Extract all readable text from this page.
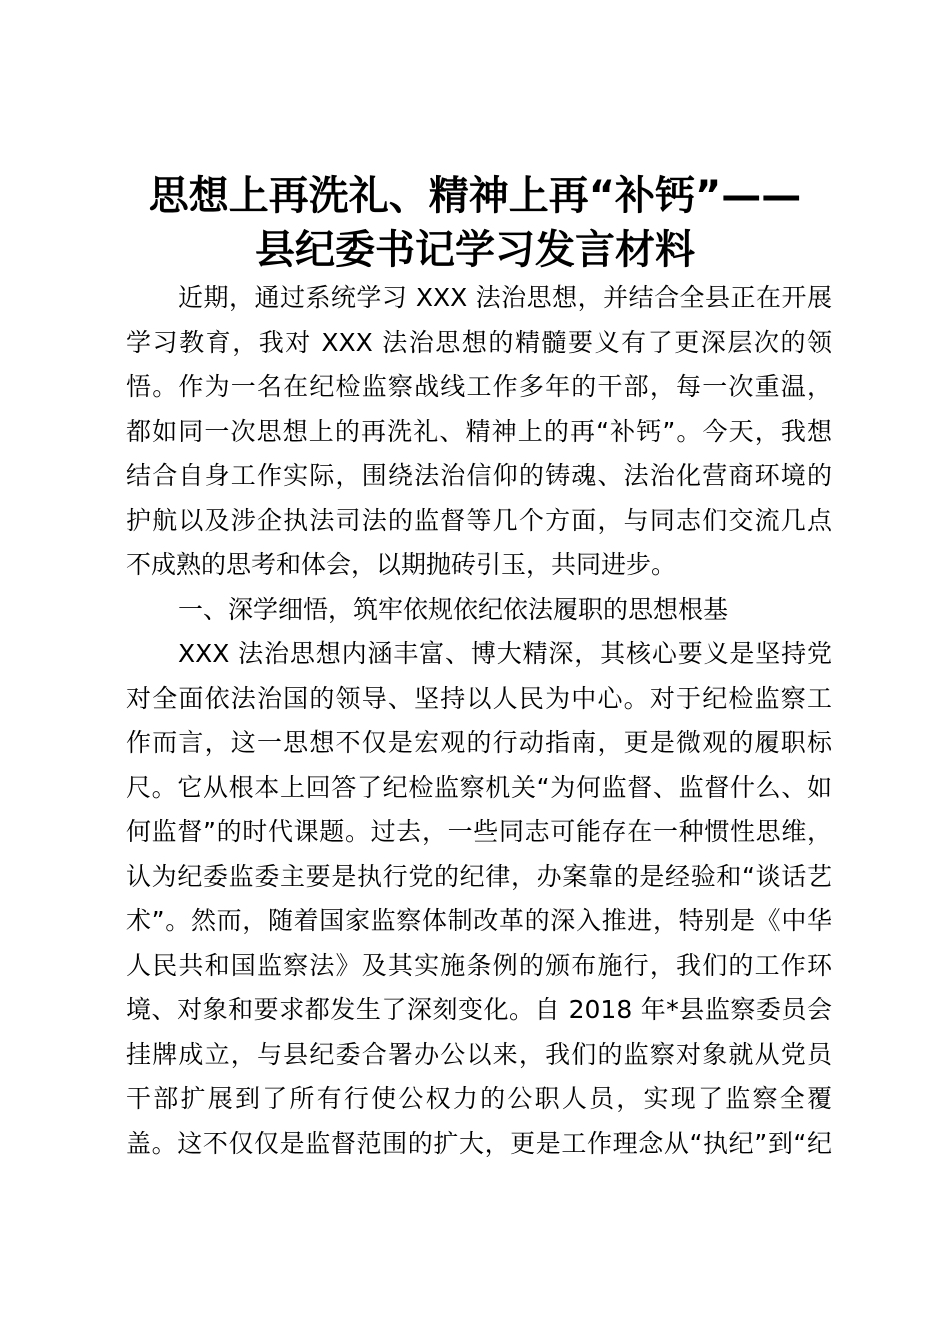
思想上再洗礼、精神上再“补钙”——
县纪委书记学习发言材料

近期，通过系统学习 XXX 法治思想，并结合全县正在开展
学习教育，我对 XXX 法治思想的精髓要义有了更深层次的领
悟。作为一名在纪检监察战线工作多年的干部，每一次重温，
都如同一次思想上的再洗礼、精神上的再“补钙”。今天，我想
结合自身工作实际，围绕法治信仰的铸魂、法治化营商环境的
护航以及涉企执法司法的监督等几个方面，与同志们交流几点
不成熟的思考和体会，以期抛砖引玉，共同进步。

一、深学细悟，筑牢依规依纪依法履职的思想根基

XXX 法治思想内涵丰富、博大精深，其核心要义是坚持党
对全面依法治国的领导、坚持以人民为中心。对于纪检监察工
作而言，这一思想不仅是宏观的行动指南，更是微观的履职标
尺。它从根本上回答了纪检监察机关“为何监督、监督什么、如
何监督”的时代课题。过去，一些同志可能存在一种惯性思维，
认为纪委监委主要是执行党的纪律，办案靠的是经验和“谈话艺
术”。然而，随着国家监察体制改革的深入推进，特别是《中华
人民共和国监察法》及其实施条例的颁布施行，我们的工作环
境、对象和要求都发生了深刻变化。自 2018 年*县监察委员会
挂牌成立，与县纪委合署办公以来，我们的监察对象就从党员
干部扩展到了所有行使公权力的公职人员，实现了监察全覆
盖。这不仅仅是监督范围的扩大，更是工作理念从“执纪”到“纪
